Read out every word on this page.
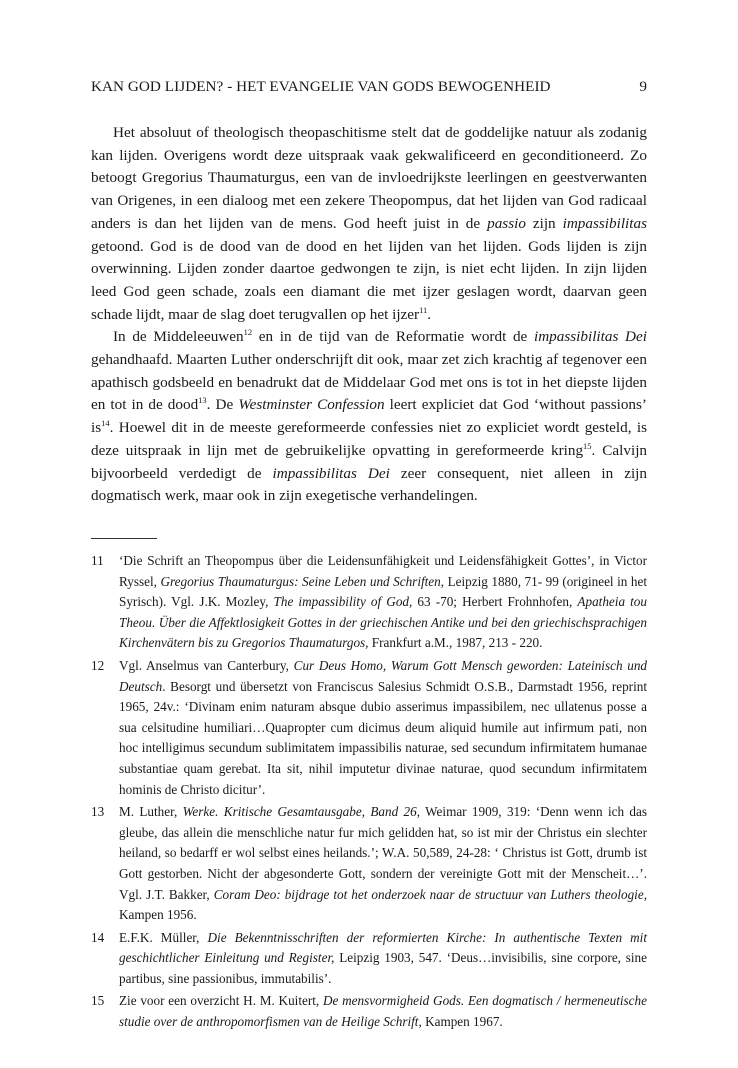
KAN GOD LIJDEN? - HET EVANGELIE VAN GODS BEWOGENHEID	9

Het absoluut of theologisch theopaschitisme stelt dat de goddelijke natuur als zodanig kan lijden. Overigens wordt deze uitspraak vaak gekwalificeerd en geconditioneerd. Zo betoogt Gregorius Thaumaturgus, een van de invloedrijkste leerlingen en geestverwanten van Origenes, in een dialoog met een zekere Theopompus, dat het lijden van God radicaal anders is dan het lijden van de mens. God heeft juist in de passio zijn impassibilitas getoond. God is de dood van de dood en het lijden van het lijden. Gods lijden is zijn overwinning. Lijden zonder daartoe gedwongen te zijn, is niet echt lijden. In zijn lijden leed God geen schade, zoals een diamant die met ijzer geslagen wordt, daarvan geen schade lijdt, maar de slag doet terugvallen op het ijzer$^{11}$.

In de Middeleeuwen$^{12}$ en in de tijd van de Reformatie wordt de impassibilitas Dei gehandhaafd. Maarten Luther onderschrijft dit ook, maar zet zich krachtig af tegenover een apathisch godsbeeld en benadrukt dat de Middelaar God met ons is tot in het diepste lijden en tot in de dood$^{13}$. De Westminster Confession leert expliciet dat God ‘without passions’ $is^{14}$. Hoewel dit in de meeste gereformeerde confessies niet zo expliciet wordt gesteld, is deze uitspraak in lijn met de gebruikelijke opvatting in gereformeerde kring$^{15}$. Calvijn bijvoorbeeld verdedigt de impassibilitas Dei zeer consequent, niet alleen in zijn dogmatisch werk, maar ook in zijn exegetische verhandelingen.

11 ‘Die Schrift an Theopompus über die Leidensunfähigkeit und Leidensfähigkeit Gottes’, in Victor Ryssel, Gregorius Thaumaturgus: Seine Leben und Schriften, Leipzig 1880, 71- 99 (origineel in het Syrisch). Vgl. J.K. Mozley, The impassibility of God, 63 -70; Herbert Frohnhofen, Apatheia tou Theou. Über die Affektlosigkeit Gottes in der griechischen Antike und bei den griechischsprachigen Kirchenvätern bis zu Gregorios Thaumaturgos, Frankfurt a.M., 1987, 213 - 220.
12 Vgl. Anselmus van Canterbury, Cur Deus Homo, Warum Gott Mensch geworden: Lateinisch und Deutsch. Besorgt und übersetzt von Franciscus Salesius Schmidt O.S.B., Darmstadt 1956, reprint 1965, 24v.: ‘Divinam enim naturam absque dubio asserimus impassibilem, nec ullatenus posse a sua celsitudine humiliari…Quapropter cum dicimus deum aliquid humile aut infirmum pati, non hoc intelligimus secundum sublimitatem impassibilis naturae, sed secundum infirmitatem humanae substantiae quam gerebat. Ita sit, nihil imputetur divinae naturae, quod secundum infirmitatem hominis de Christo dicitur’.
13 M. Luther, Werke. Kritische Gesamtausgabe, Band 26, Weimar 1909, 319: ‘Denn wenn ich das gleube, das allein die menschliche natur fur mich gelidden hat, so ist mir der Christus ein slechter heiland, so bedarff er wol selbst eines heilands.’; W.A. 50,589, 24-28: ‘ Christus ist Gott, drumb ist Gott gestorben. Nicht der abgesonderte Gott, sondern der vereinigte Gott mit der Menscheit…’. Vgl. J.T. Bakker, Coram Deo: bijdrage tot het onderzoek naar de structuur van Luthers theologie, Kampen 1956.
14 E.F.K. Müller, Die Bekenntnisschriften der reformierten Kirche: In authentische Texten mit geschichtlicher Einleitung und Register, Leipzig 1903, 547. ‘Deus…invisibilis, sine corpore, sine partibus, sine passionibus, immutabilis’.
15 Zie voor een overzicht H. M. Kuitert, De mensvormigheid Gods. Een dogmatisch / hermeneutische studie over de anthropomorfismen van de Heilige Schrift, Kampen 1967.
